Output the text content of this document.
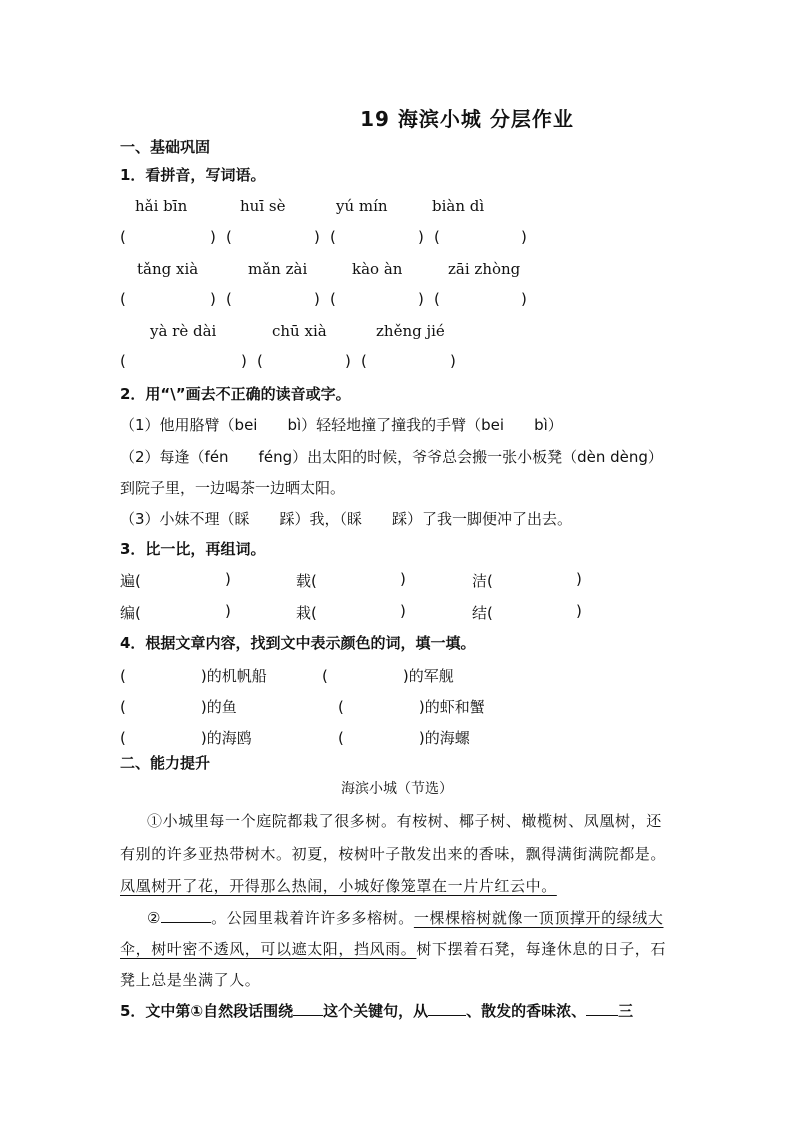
19 海滨小城 分层作业
一、基础巩固
1．看拼音，写词语。
hǎi bīn	huī sè	yú mín	biàn dì
(	) (	) (	) (	)
tǎng xià	mǎn zài	kào àn	zāi zhòng
(	) (	) (	) (	)
yà rè dài	chū xià	zhěng jié
(	) (	) (	)
2．用“\”画去不正确的读音或字。
（1）他用胳臂（bei　　bì）轻轻地撞了撞我的手臂（bei　　bì）
（2）每逢（fén　　féng）出太阳的时候，爷爷总会搬一张小板凳（dèn dèng）
到院子里，一边喝茶一边晒太阳。
（3）小妹不理（睬　　踩）我，（睬　　踩）了我一脚便冲了出去。
3．比一比，再组词。
遍(	)	载(	)	洁(	)
编(	)	栽(	)	结(	)
4．根据文章内容，找到文中表示颜色的词，填一填。
(　　　　　)的机帆船	(　　　　　)的军舰
(　　　　　)的鱼	(　　　　　)的虾和蟹
(　　　　　)的海鸥	(　　　　　)的海螺
二、能力提升
海滨小城（节选）
①小城里每一个庭院都栽了很多树。有桉树、椰子树、橄榄树、凤凰树，还
有别的许多亚热带树木。初夏，桉树叶子散发出来的香味，飘得满街满院都是。
凤凰树开了花，开得那么热闹，小城好像笼罩在一片片红云中。
②	。公园里栽着许许多多榕树。一棵棵榕树就像一顶顶撑开的绿绒大
伞，树叶密不透风，可以遮太阳，挡风雨。树下摆着石凳，每逢休息的日子，石
凳上总是坐满了人。
5．文中第①自然段话围绕 这个关键句，从	、散发的香味浓、 三
